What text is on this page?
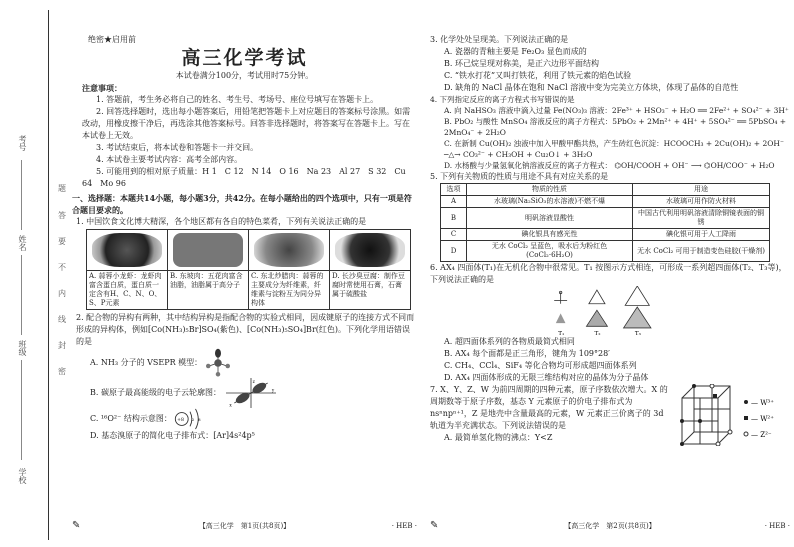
考号
姓名
班级
学校
题
答
要
不
内
线
封
密
绝密★启用前
高三化学考试
本试卷满分100分，考试用时75分钟。
注意事项：
1. 答题前，考生务必将自己的姓名、考生号、考场号、座位号填写在答题卡上。
2. 回答选择题时，选出每小题答案后，用铅笔把答题卡上对应题目的答案标号涂黑。如需改动，用橡皮擦干净后，再选涂其他答案标号。回答非选择题时，将答案写在答题卡上。写在本试卷上无效。
3. 考试结束后，将本试卷和答题卡一并交回。
4. 本试卷主要考试内容：高考全部内容。
5. 可能用到的相对原子质量：H 1　C 12　N 14　O 16　Na 23　Al 27　S 32　Cu 64　Mo 96
一、选择题：本题共14小题，每小题3分，共42分。在每小题给出的四个选项中，只有一项是符合题目要求的。
1. 中国饮食文化博大精深，各个地区都有各自的特色菜肴，下列有关说法正确的是

A. 蒜蓉小龙虾：龙虾肉富含蛋白质，蛋白质一定含有H、C、N、O、S、P元素	B. 东坡肉：五花肉富含油脂，油脂属于高分子	C. 东北炒腊肉：蒜蓉的主要成分为纤维素，纤维素与淀粉互为同分异构体	D. 长沙臭豆腐：制作豆腐时常使用石膏，石膏属于硫酸盐
2. 配合物的异构有两种，其中结构异构是指配合物的实验式相同，因成键原子的连接方式不同而形成的异构体，例如[Co(NH₃)₅Br]SO₄(紫色)、[Co(NH₃)₅SO₄]Br(红色)。下列化学用语错误的是
A. NH₃ 分子的 VSEPR 模型：
B. 碳原子最高能级的电子云轮廓图：
z
y
x
C. ¹⁶O²⁻ 结构示意图： +8 2 8
D. 基态溴原子的简化电子排布式：[Ar]4s²4p⁵
✎	【高三化学　第1页(共8页)】	· HEB ·
3. 化学处处呈现美。下列说法正确的是
A. 瓷器的青釉主要是 Fe₂O₃ 显色而成的
B. 环己烷呈现对称美，是正六边形平面结构
C. “铁水打花”又叫打铁花，利用了铁元素的焰色试验
D. 缺角的 NaCl 晶体在饱和 NaCl 溶液中变为完美立方体块，体现了晶体的自范性
4. 下列指定反应的离子方程式书写错误的是
A. 向 NaHSO₃ 溶液中滴入过量 Fe(NO₃)₃ 溶液：2Fe³⁺ + HSO₃⁻ + H₂O ══ 2Fe²⁺ + SO₄²⁻ + 3H⁺
B. PbO₂ 与酸性 MnSO₄ 溶液反应的离子方程式：5PbO₂ + 2Mn²⁺ + 4H⁺ + 5SO₄²⁻ ══ 5PbSO₄ + 2MnO₄⁻ + 2H₂O
C. 在新制 Cu(OH)₂ 浊液中加入甲酸甲酯共热，产生砖红色沉淀：HCOOCH₃ + 2Cu(OH)₂ + 2OH⁻ ─△→ CO₃²⁻ + CH₃OH + Cu₂O↓ + 3H₂O
D. 水杨酸与少量氢氧化钠溶液反应的离子方程式： ⌬OH/COOH + OH⁻ ⟶ ⌬OH/COO⁻ + H₂O
5. 下列有关物质的性质与用途不具有对应关系的是
选项	物质的性质	用途
A	水玻璃(Na₂SiO₃的水溶液)不燃不爆	水玻璃可用作防火材料
B	明矾溶液显酸性	中国古代利用明矾溶液清除铜镜表面的铜锈
C	碘化银具有感光性	碘化银可用于人工降雨
D	无水 CoCl₂ 呈蓝色，吸水后为粉红色(CoCl₂·6H₂O)	无水 CoCl₂ 可用于制造变色硅胶(干燥剂)
6. AX₄ 四面体(T₁)在无机化合物中很常见。T₁ 按图示方式相连，可形成一系列超四面体(T₂、T₃等)，下列说法正确的是
T₁	T₂	T₃
A. 超四面体系列的各物质最简式相同
B. AX₄ 每个面都是正三角形，键角为 109°28′
C. CH₄、CCl₄、SiF₄ 等化合物均可形成超四面体系列
D. AX₄ 四面体形成的无限三维结构对应的晶体为分子晶体
7. X、Y、Z、W 为前四周期的四种元素，原子序数依次增大。X 的周期数等于原子序数，基态 Y 元素原子的价电子排布式为 nsⁿnpⁿ⁺¹，Z 是地壳中含量最高的元素，W 元素正三价离子的 3d 轨道为半充满状态。下列说法错误的是
A. 最简单氢化物的沸点：Y<Z
— W³⁺
— W²⁺
— Z²⁻
✎	【高三化学　第2页(共8页)】	· HEB ·
